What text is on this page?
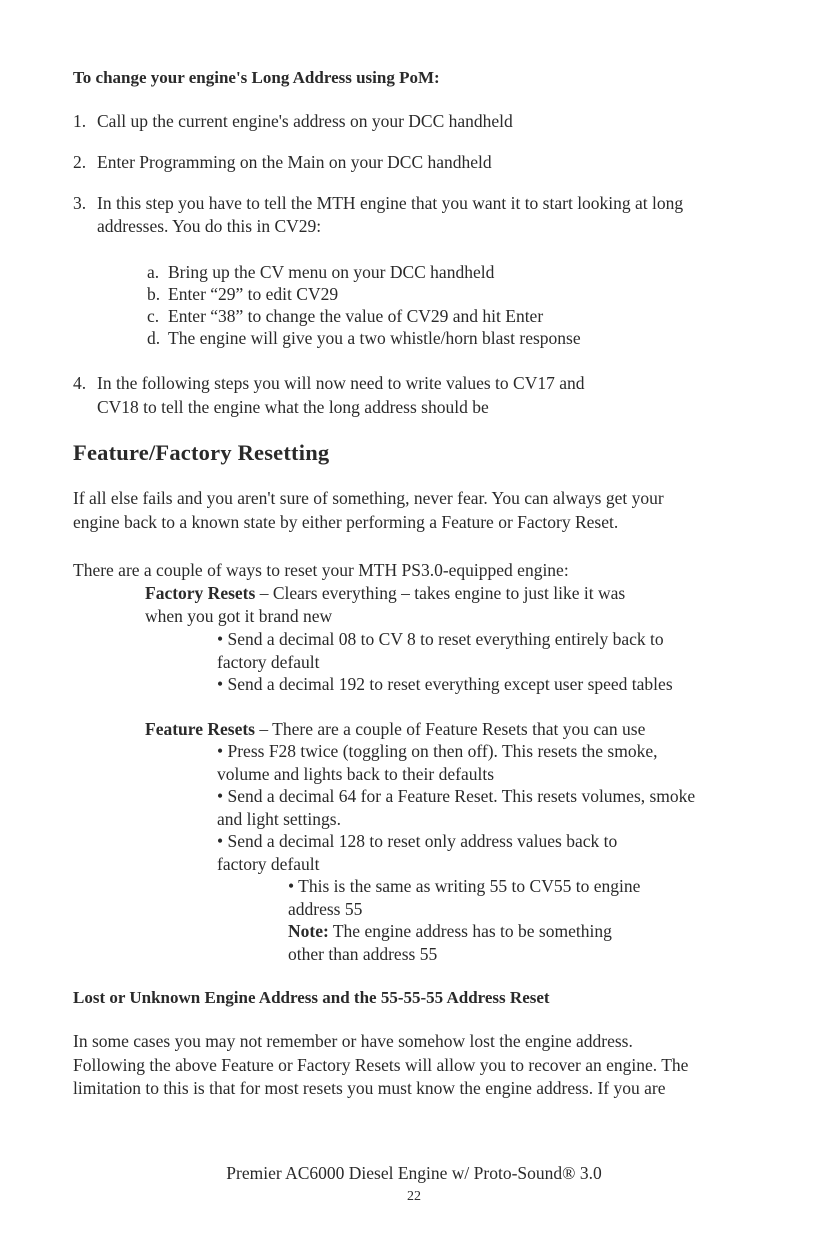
To change your engine's Long Address using PoM:
1. Call up the current engine's address on your DCC handheld
2. Enter Programming on the Main on your DCC handheld
3. In this step you have to tell the MTH engine that you want it to start looking at long
addresses. You do this in CV29:
a. Bring up the CV menu on your DCC handheld
b. Enter “29” to edit CV29
c. Enter “38” to change the value of CV29 and hit Enter
d. The engine will give you a two whistle/horn blast response
4. In the following steps you will now need to write values to CV17 and
CV18 to tell the engine what the long address should be
Feature/Factory Resetting
If all else fails and you aren't sure of something, never fear. You can always get your
engine back to a known state by either performing a Feature or Factory Reset.
There are a couple of ways to reset your MTH PS3.0-equipped engine:
Factory Resets – Clears everything – takes engine to just like it was
when you got it brand new
• Send a decimal 08 to CV 8 to reset everything entirely back to
factory default
• Send a decimal 192 to reset everything except user speed tables
Feature Resets – There are a couple of Feature Resets that you can use
• Press F28 twice (toggling on then off). This resets the smoke,
volume and lights back to their defaults
• Send a decimal 64 for a Feature Reset. This resets volumes, smoke
and light settings.
• Send a decimal 128 to reset only address values back to
factory default
• This is the same as writing 55 to CV55 to engine
address 55
Note: The engine address has to be something
other than address 55
Lost or Unknown Engine Address and the 55-55-55 Address Reset
In some cases you may not remember or have somehow lost the engine address.
Following the above Feature or Factory Resets will allow you to recover an engine. The
limitation to this is that for most resets you must know the engine address. If you are
Premier AC6000 Diesel Engine w/ Proto-Sound® 3.0
22
